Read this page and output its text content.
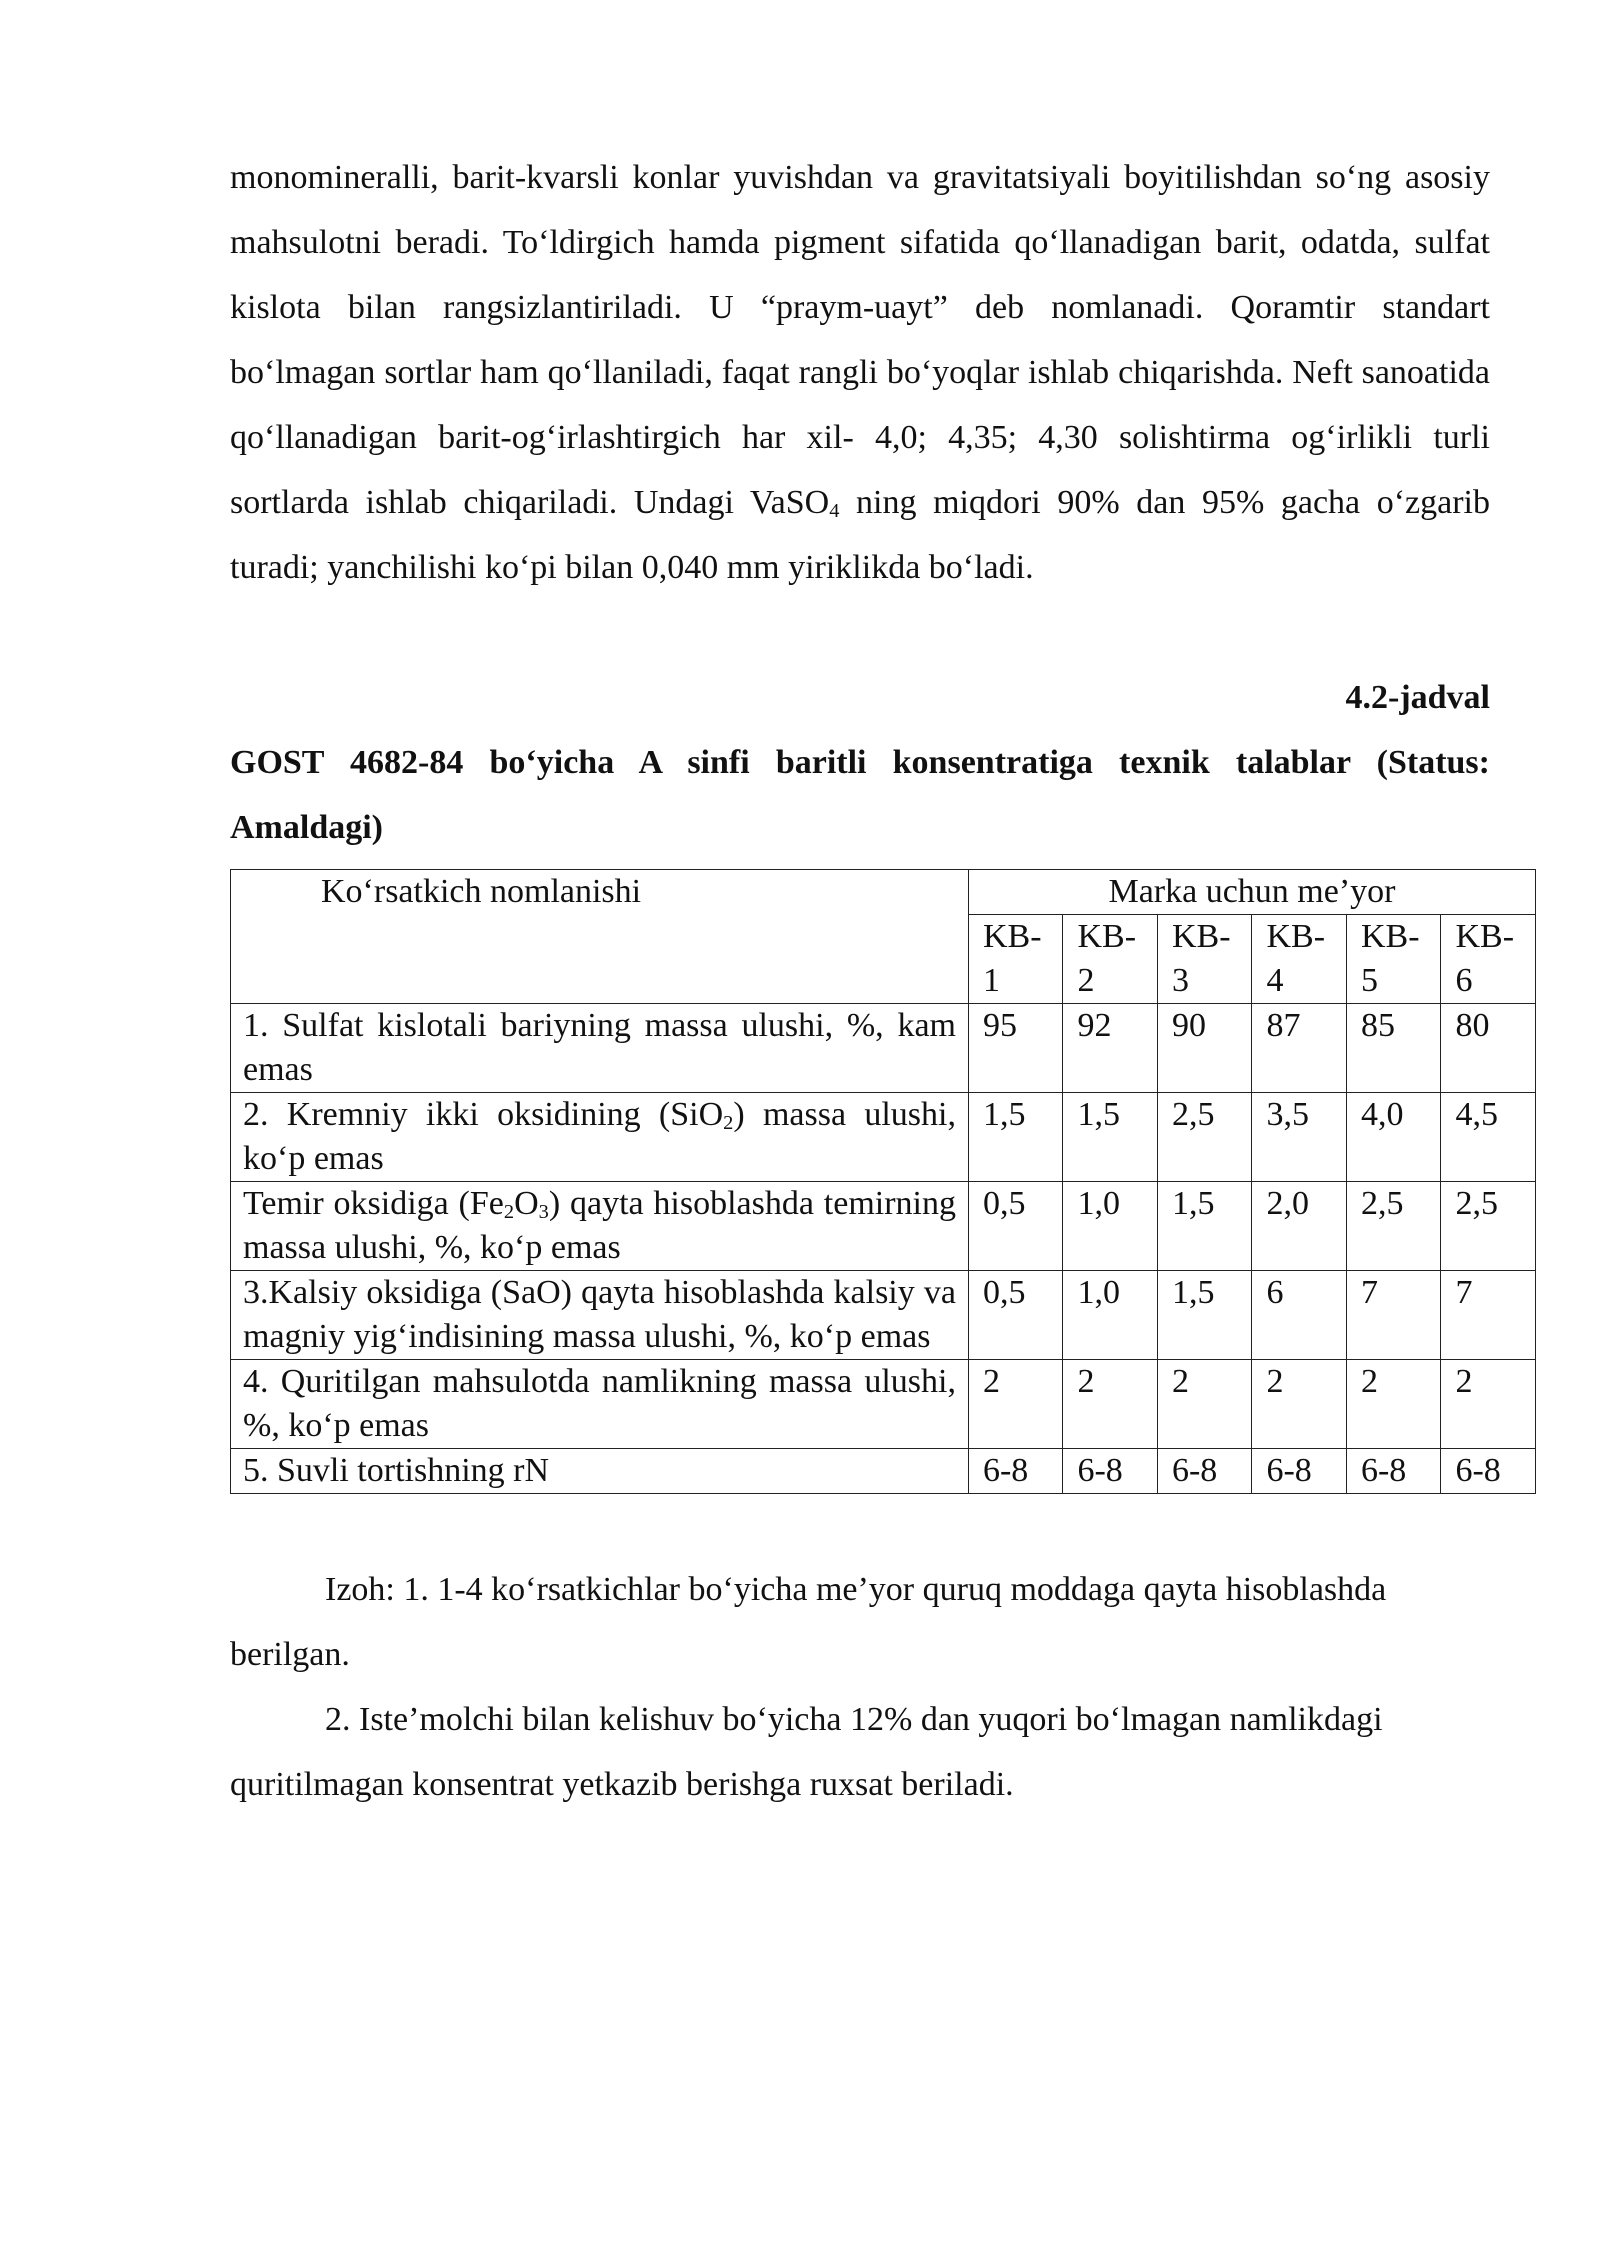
monomineralli, barit-kvarsli konlar yuvishdan va gravitatsiyali boyitilishdan so‘ng asosiy mahsulotni beradi. To‘ldirgich hamda pigment sifatida qo‘llanadigan barit, odatda, sulfat kislota bilan rangsizlantiriladi. U “praym-uayt” deb nomlanadi. Qoramtir standart bo‘lmagan sortlar ham qo‘llaniladi, faqat rangli bo‘yoqlar ishlab chiqarishda. Neft sanoatida qo‘llanadigan barit-og‘irlashtirgich har xil- 4,0; 4,35; 4,30 solishtirma og‘irlikli turli sortlarda ishlab chiqariladi. Undagi VaSO$_4$ ning miqdori 90% dan 95% gacha o‘zgarib turadi; yanchilishi ko‘pi bilan 0,040 mm yiriklikda bo‘ladi.

4.2-jadval

GOST 4682-84 bo‘yicha A sinfi baritli konsentratiga texnik talablar (Status: Amaldagi)

Ko‘rsatkich nomlanishi	Marka uchun me’yor					
	KB-1	KB-2	KB-3	KB-4	KB-5	KB-6
1. Sulfat kislotali bariyning massa ulushi, %, kam emas	95	92	90	87	85	80
2. Kremniy ikki oksidining (SiO$_2$) massa ulushi, ko‘p emas	1,5	1,5	2,5	3,5	4,0	4,5
Temir oksidiga $(Fe_2O_3)$ qayta hisoblashda temirning massa ulushi, %, ko‘p emas	0,5	1,0	1,5	2,0	2,5	2,5
3.Kalsiy oksidiga (SaO) qayta hisoblashda kalsiy va magniy yig‘indisining massa ulushi, %, ko‘p emas	0,5	1,0	1,5	6	7	7
4. Quritilgan mahsulotda namlikning massa ulushi, %, ko‘p emas	2	2	2	2	2	2
5. Suvli tortishning rN	6-8	6-8	6-8	6-8	6-8	6-8

Izoh: 1. 1-4 ko‘rsatkichlar bo‘yicha me’yor quruq moddaga qayta hisoblashda berilgan.

2. Iste’molchi bilan kelishuv bo‘yicha 12% dan yuqori bo‘lmagan namlikdagi quritilmagan konsentrat yetkazib berishga ruxsat beriladi.
